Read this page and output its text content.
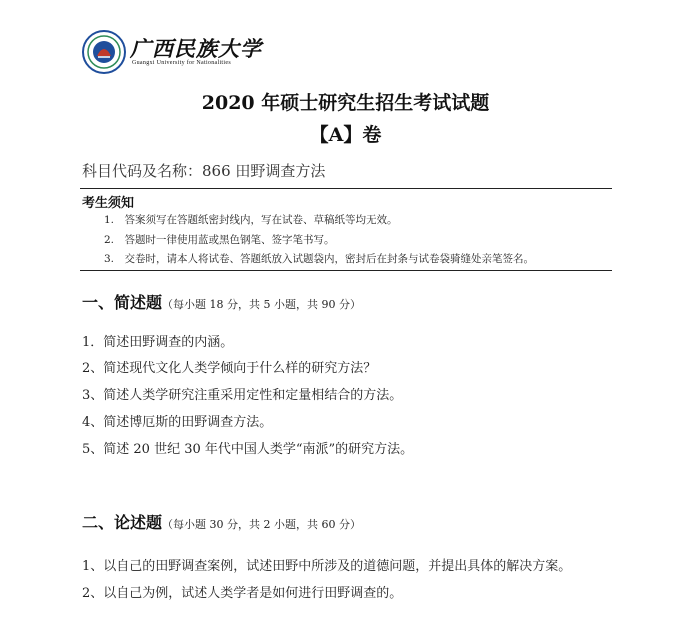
广西民族大学
Guangxi University for Nationalities
2020 年硕士研究生招生考试试题
【A】卷
科目代码及名称：866 田野调查方法
考生须知
1.　答案须写在答题纸密封线内，写在试卷、草稿纸等均无效。
2.　答题时一律使用蓝或黑色钢笔、签字笔书写。
3.　交卷时，请本人将试卷、答题纸放入试题袋内，密封后在封条与试卷袋骑缝处亲笔签名。
一、简述题（每小题 18 分，共 5 小题，共 90 分）
1．简述田野调查的内涵。
2、简述现代文化人类学倾向于什么样的研究方法？
3、简述人类学研究注重采用定性和定量相结合的方法。
4、简述博厄斯的田野调查方法。
5、简述 20 世纪 30 年代中国人类学“南派”的研究方法。
二、论述题（每小题 30 分，共 2 小题，共 60 分）
1、以自己的田野调查案例，试述田野中所涉及的道德问题，并提出具体的解决方案。
2、以自己为例，试述人类学者是如何进行田野调查的。
